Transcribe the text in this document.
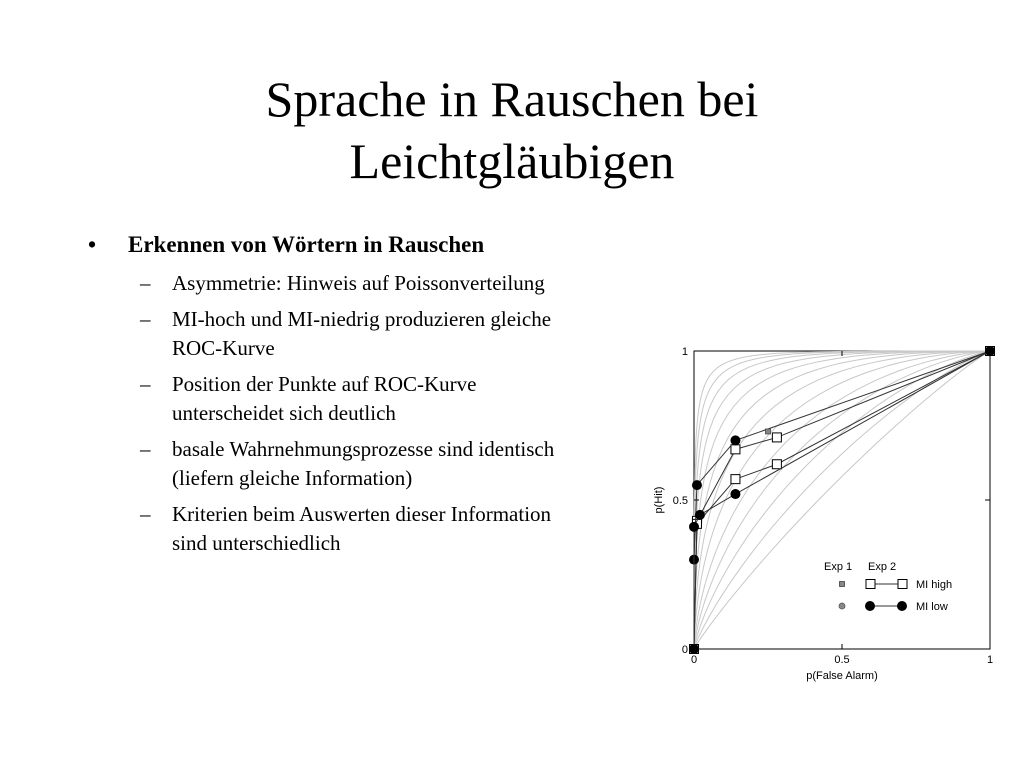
Sprache in Rauschen bei
Leichtgläubigen
• Erkennen von Wörtern in Rauschen
– Asymmetrie: Hinweis auf Poissonverteilung
– MI-hoch und MI-niedrig produzieren gleiche
ROC-Kurve
– Position der Punkte auf ROC-Kurve
unterscheidet sich deutlich
– basale Wahrnehmungsprozesse sind identisch
(liefern gleiche Information)
– Kriterien beim Auswerten dieser Information
sind unterschiedlich
0	0.5	1
0
0.5
1
p(False Alarm)
p(Hit)
Exp 1 Exp 2
MI high
MI low
